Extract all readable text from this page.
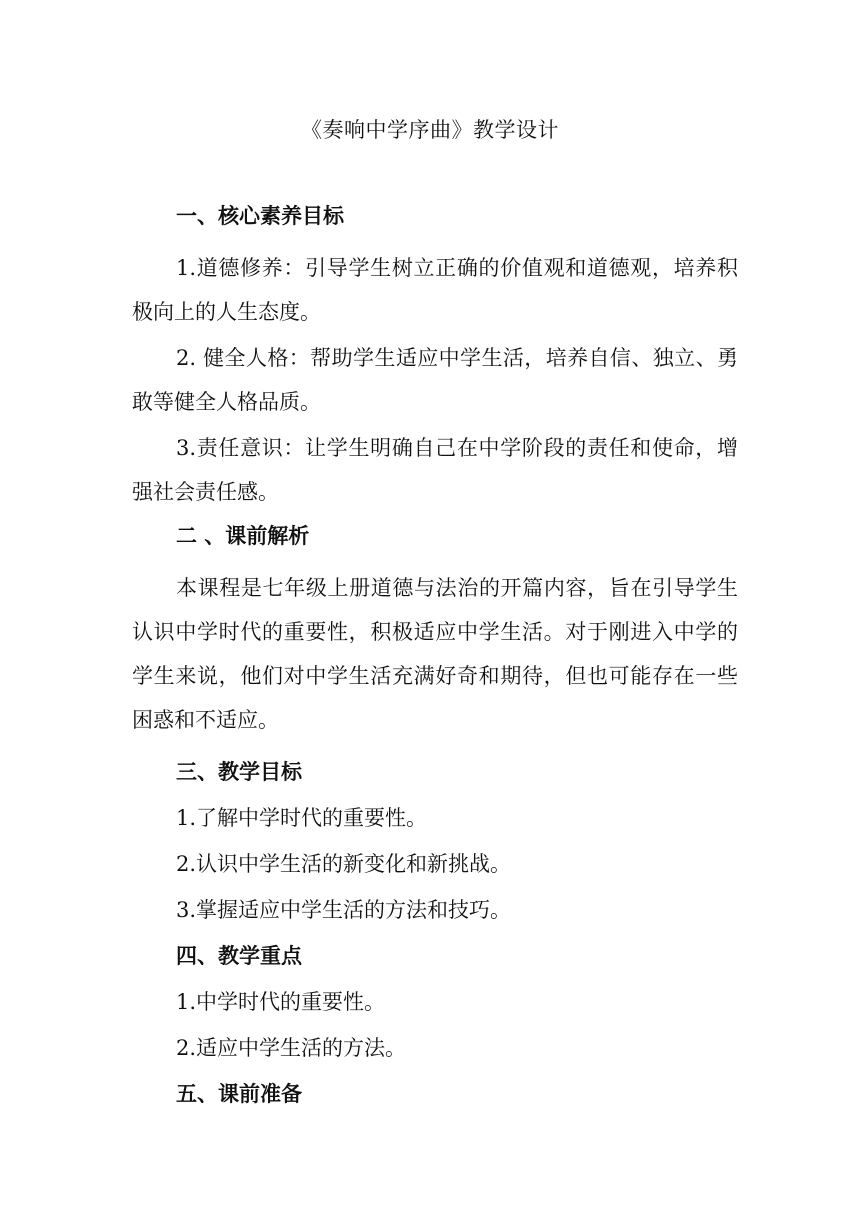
《奏响中学序曲》教学设计
一、核心素养目标
1.道德修养：引导学生树立正确的价值观和道德观，培养积极向上的人生态度。
2. 健全人格：帮助学生适应中学生活，培养自信、独立、勇敢等健全人格品质。
3.责任意识：让学生明确自己在中学阶段的责任和使命，增强社会责任感。
二 、课前解析
本课程是七年级上册道德与法治的开篇内容，旨在引导学生认识中学时代的重要性，积极适应中学生活。对于刚进入中学的学生来说，他们对中学生活充满好奇和期待，但也可能存在一些困惑和不适应。
三、教学目标
1.了解中学时代的重要性。
2.认识中学生活的新变化和新挑战。
3.掌握适应中学生活的方法和技巧。
四、教学重点
1.中学时代的重要性。
2.适应中学生活的方法。
五、课前准备
